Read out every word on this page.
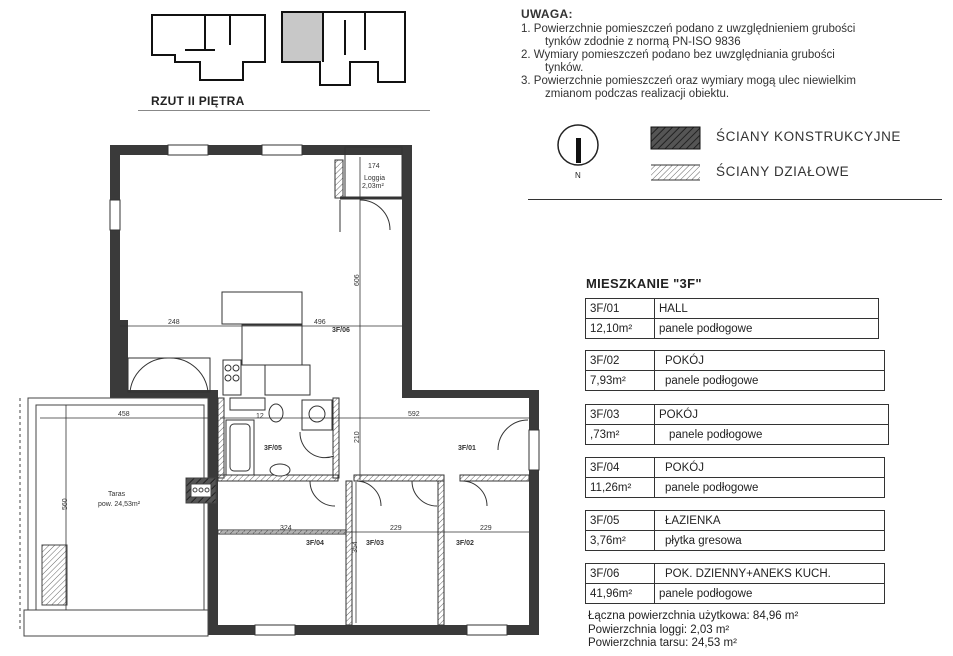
3F/06
3F/01
3F/05
3F/04	3F/03	3F/02
Loggia
2,03m²
174
Taras
pow. 24,53m²
248	496
606
458	592
210
324	229	229
354
560
12
N
RZUT II PIĘTRA
UWAGA:
1. Powierzchnie pomieszczeń podano z uwzględnieniem grubości
tynków zdodnie z normą PN-ISO 9836
2. Wymiary pomieszczeń podano bez uwzględniania grubości
tynków.
3. Powierzchnie pomieszczeń oraz wymiary mogą ulec niewielkim
zmianom podczas realizacji obiektu.
ŚCIANY KONSTRUKCYJNE
ŚCIANY DZIAŁOWE
MIESZKANIE "3F"
3F/01	HALL
12,10m²	panele podłogowe
3F/02	POKÓJ
7,93m²	panele podłogowe
3F/03	POKÓJ
,73m²	panele podłogowe
3F/04	POKÓJ
11,26m²	panele podłogowe
3F/05	ŁAZIENKA
3,76m²	płytka gresowa
3F/06	POK. DZIENNY+ANEKS KUCH.
41,96m²	panele podłogowe
Łączna powierzchnia użytkowa: 84,96 m²
Powierzchnia loggi: 2,03 m²
Powierzchnia tarsu: 24,53 m²
